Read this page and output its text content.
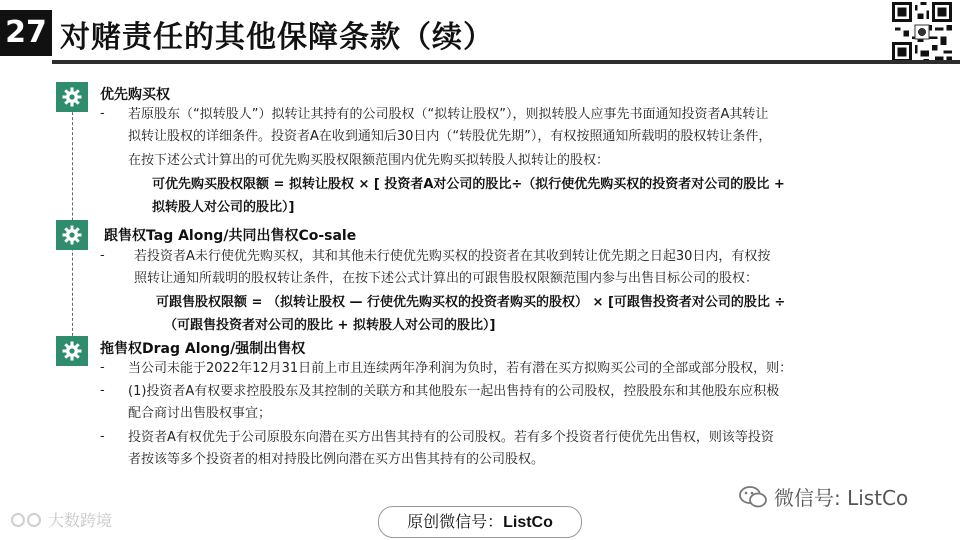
27 对赌责任的其他保障条款（续）
优先购买权
- 若原股东（“拟转股人”）拟转让其持有的公司股权（“拟转让股权”），则拟转股人应事先书面通知投资者A其转让
拟转让股权的详细条件。投资者A在收到通知后30日内（“转股优先期”），有权按照通知所载明的股权转让条件，
在按下述公式计算出的可优先购买股权限额范围内优先购买拟转股人拟转让的股权：
可优先购买股权限额 = 拟转让股权 × [ 投资者A对公司的股比÷（拟行使优先购买权的投资者对公司的股比 +
拟转股人对公司的股比）]
跟售权Tag Along/共同出售权Co-sale
- 若投资者A未行使优先购买权，其和其他未行使优先购买权的投资者在其收到转让优先期之日起30日内，有权按
照转让通知所载明的股权转让条件，在按下述公式计算出的可跟售股权限额范围内参与出售目标公司的股权：
可跟售股权限额 = （拟转让股权 — 行使优先购买权的投资者购买的股权） × [可跟售投资者对公司的股比 ÷
（可跟售投资者对公司的股比 + 拟转股人对公司的股比）]
拖售权Drag Along/强制出售权
- 当公司未能于2022年12月31日前上市且连续两年净利润为负时，若有潜在买方拟购买公司的全部或部分股权，则：
- (1)投资者A有权要求控股股东及其控制的关联方和其他股东一起出售持有的公司股权，控股股东和其他股东应积极
配合商讨出售股权事宜；
- 投资者A有权优先于公司原股东向潜在买方出售其持有的公司股权。若有多个投资者行使优先出售权，则该等投资
者按该等多个投资者的相对持股比例向潜在买方出售其持有的公司股权。
微信号: ListCo
大数跨境	原创微信号：ListCo
